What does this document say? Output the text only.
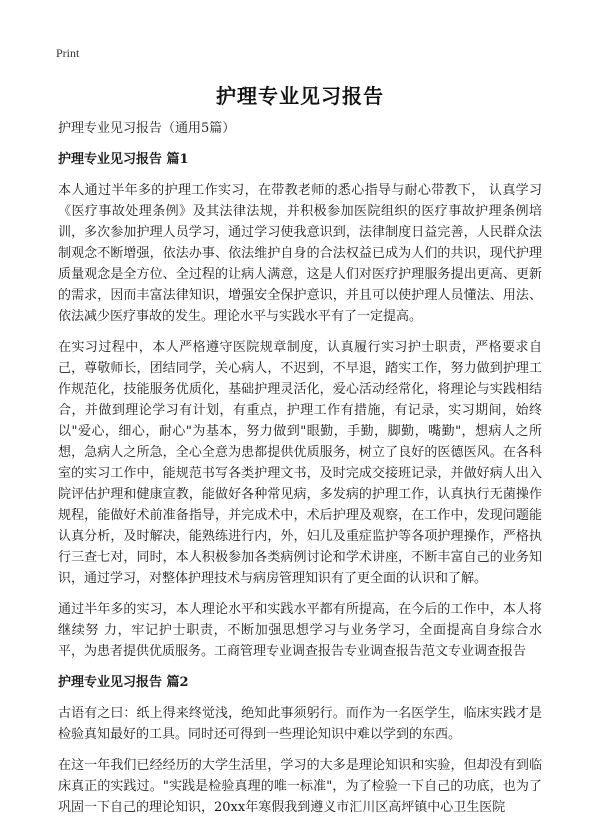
Print
护理专业见习报告
护理专业见习报告（通用5篇）
护理专业见习报告 篇1

本人通过半年多的护理工作实习，在带教老师的悉心指导与耐心带教下， 认真学习《医疗事故处理条例》及其法律法规，并积极参加医院组织的医疗事故护理条例培训，多次参加护理人员学习，通过学习使我意识到，法律制度日益完善，人民群众法制观念不断增强，依法办事、依法维护自身的合法权益已成为人们的共识，现代护理质量观念是全方位、全过程的让病人满意，这是人们对医疗护理服务提出更高、更新的需求，因而丰富法律知识，增强安全保护意识，并且可以使护理人员懂法、用法、依法减少医疗事故的发生。理论水平与实践水平有了一定提高。

在实习过程中，本人严格遵守医院规章制度，认真履行实习护士职责，严格要求自己，尊敬师长，团结同学，关心病人，不迟到，不早退，踏实工作，努力做到护理工作规范化，技能服务优质化，基础护理灵活化，爱心活动经常化，将理论与实践相结合，并做到理论学习有计划，有重点，护理工作有措施，有记录，实习期间，始终以"爱心，细心，耐心"为基本，努力做到"眼勤，手勤，脚勤，嘴勤"，想病人之所想，急病人之所急，全心全意为患都提供优质服务，树立了良好的医德医风。在各科室的实习工作中，能规范书写各类护理文书，及时完成交接班记录，并做好病人出入院评估护理和健康宣教，能做好各种常见病，多发病的护理工作，认真执行无菌操作规程，能做好术前准备指导，并完成术中，术后护理及观察，在工作中，发现问题能认真分析，及时解决，能熟练进行内，外，妇儿及重症监护等各项护理操作，严格执行三查七对，同时，本人积极参加各类病例讨论和学术讲座，不断丰富自己的业务知识，通过学习，对整体护理技术与病房管理知识有了更全面的认识和了解。

通过半年多的实习，本人理论水平和实践水平都有所提高，在今后的工作中，本人将继续努 力，牢记护士职责，不断加强思想学习与业务学习，全面提高自身综合水平，为患者提供优质服务。工商管理专业调查报告专业调查报告范文专业调查报告

护理专业见习报告 篇2

古语有之曰：纸上得来终觉浅，绝知此事须躬行。而作为一名医学生，临床实践才是检验真知最好的工具。同时还可得到一些理论知识中难以学到的东西。

在这一年我们已经经历的大学生活里，学习的大多是理论知识和实验，但却没有到临床真正的实践过。"实践是检验真理的唯一标准"，为了检验一下自己的功底，也为了巩固一下自己的理论知识，20xx年寒假我到遵义市汇川区高坪镇中心卫生医院
